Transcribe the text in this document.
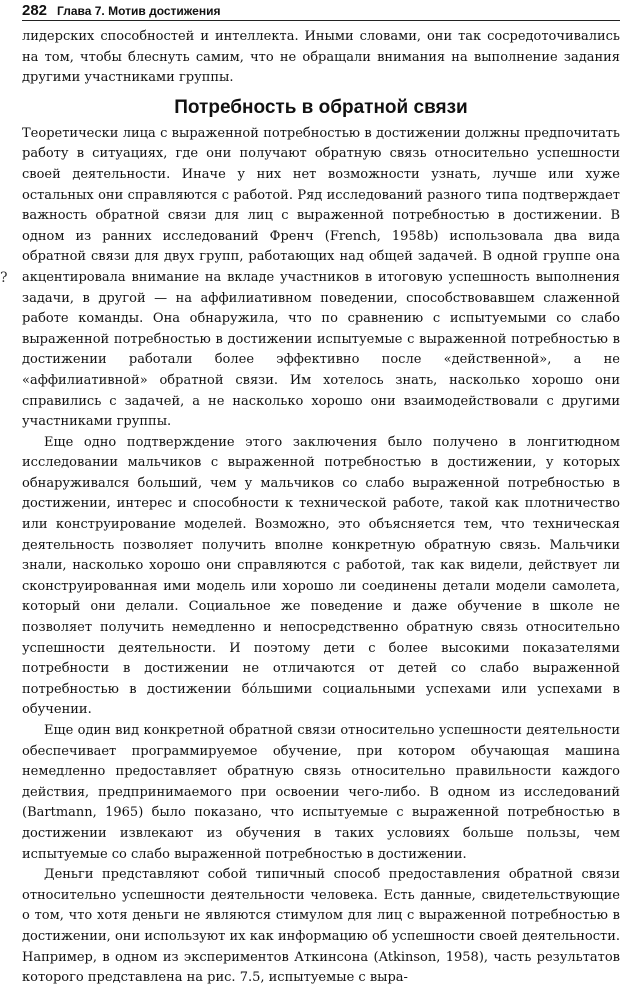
282 Глава 7. Мотив достижения
?

лидерских способностей и интеллекта. Иными словами, они так сосредоточивались на том, чтобы блеснуть самим, что не обращали внимания на выполнение задания другими участниками группы.

Потребность в обратной связи

Теоретически лица с выраженной потребностью в достижении должны предпочитать работу в ситуациях, где они получают обратную связь относительно успешности своей деятельности. Иначе у них нет возможности узнать, лучше или хуже остальных они справляются с работой. Ряд исследований разного типа подтверждает важность обратной связи для лиц с выраженной потребностью в достижении. В одном из ранних исследований Френч (French, 1958b) использовала два вида обратной связи для двух групп, работающих над общей задачей. В одной группе она акцентировала внимание на вкладе участников в итоговую успешность выполнения задачи, в другой — на аффилиативном поведении, способствовавшем слаженной работе команды. Она обнаружила, что по сравнению с испытуемыми со слабо выраженной потребностью в достижении испытуемые с выраженной потребностью в достижении работали более эффективно после «действенной», а не «аффилиативной» обратной связи. Им хотелось знать, насколько хорошо они справились с задачей, а не насколько хорошо они взаимодействовали с другими участниками группы.

Еще одно подтверждение этого заключения было получено в лонгитюдном исследовании мальчиков с выраженной потребностью в достижении, у которых обнаруживался больший, чем у мальчиков со слабо выраженной потребностью в достижении, интерес и способности к технической работе, такой как плотничество или конструирование моделей. Возможно, это объясняется тем, что техническая деятельность позволяет получить вполне конкретную обратную связь. Мальчики знали, насколько хорошо они справляются с работой, так как видели, действует ли сконструированная ими модель или хорошо ли соединены детали модели самолета, который они делали. Социальное же поведение и даже обучение в школе не позволяет получить немедленно и непосредственно обратную связь относительно успешности деятельности. И поэтому дети с более высокими показателями потребности в достижении не отличаются от детей со слабо выраженной потребностью в достижении бо́льшими социальными успехами или успехами в обучении.

Еще один вид конкретной обратной связи относительно успешности деятельности обеспечивает программируемое обучение, при котором обучающая машина немедленно предоставляет обратную связь относительно правильности каждого действия, предпринимаемого при освоении чего-либо. В одном из исследований (Bartmann, 1965) было показано, что испытуемые с выраженной потребностью в достижении извлекают из обучения в таких условиях больше пользы, чем испытуемые со слабо выраженной потребностью в достижении.

Деньги представляют собой типичный способ предоставления обратной связи относительно успешности деятельности человека. Есть данные, свидетельствующие о том, что хотя деньги не являются стимулом для лиц с выраженной потребностью в достижении, они используют их как информацию об успешности своей деятельности. Например, в одном из экспериментов Аткинсона (Atkinson, 1958), часть результатов которого представлена на рис. 7.5, испытуемые с выра-
